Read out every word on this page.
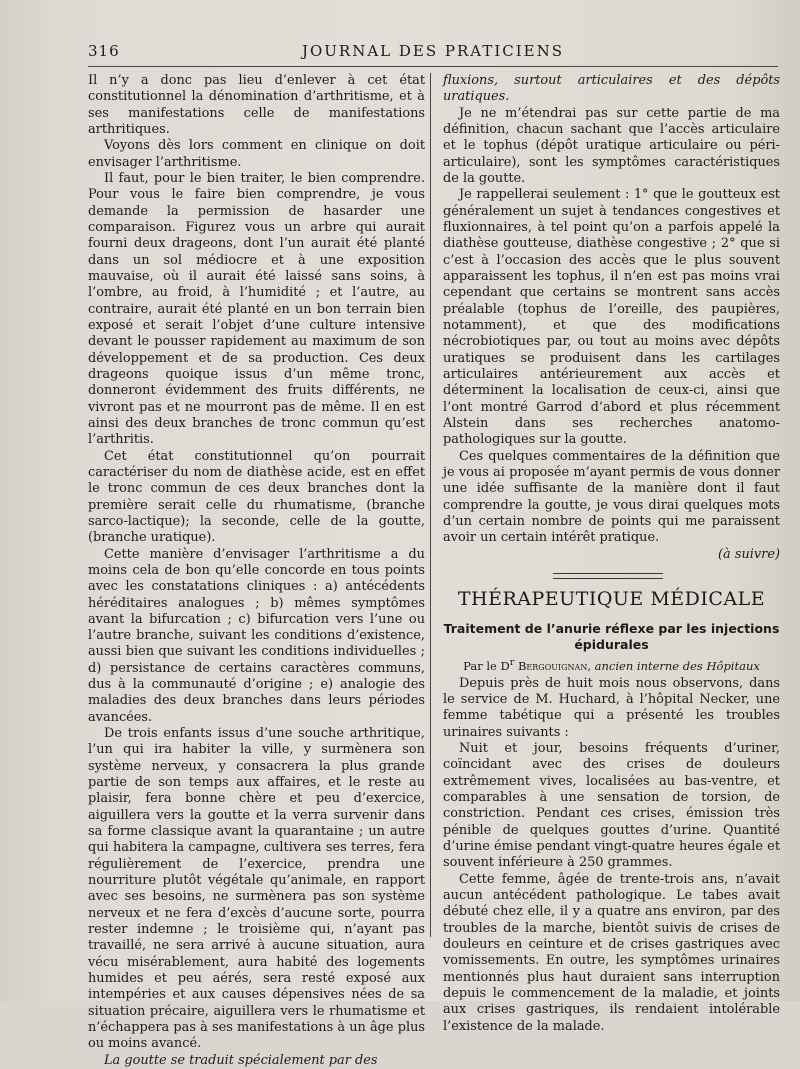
316	JOURNAL DES PRATICIENS

Il n’y a donc pas lieu d’enlever à cet état constitutionnel la dénomination d’arthritisme, et à ses manifestations celle de manifestations arthritiques.

Voyons dès lors comment en clinique on doit envisager l’arthritisme.

Il faut, pour le bien traiter, le bien comprendre. Pour vous le faire bien comprendre, je vous demande la permission de hasarder une comparaison. Figurez vous un arbre qui aurait fourni deux drageons, dont l’un aurait été planté dans un sol médiocre et à une exposition mauvaise, où il aurait été laissé sans soins, à l’ombre, au froid, à l’humidité ; et l’autre, au contraire, aurait été planté en un bon terrain bien exposé et serait l’objet d’une culture intensive devant le pousser rapidement au maximum de son développement et de sa production. Ces deux drageons quoique issus d’un même tronc, donneront évidemment des fruits différents, ne vivront pas et ne mourront pas de même. Il en est ainsi des deux branches de tronc commun qu’est l’arthritis.

Cet état constitutionnel qu’on pourrait caractériser du nom de diathèse acide, est en effet le tronc commun de ces deux branches dont la première serait celle du rhumatisme, (branche sarco-lactique); la seconde, celle de la goutte, (branche uratique).

Cette manière d’envisager l’arthritisme a du moins cela de bon qu’elle concorde en tous points avec les constatations cliniques : a) antécédents héréditaires analogues ; b) mêmes symptômes avant la bifurcation ; c) bifurcation vers l’une ou l’autre branche, suivant les conditions d’existence, aussi bien que suivant les conditions individuelles ; d) persistance de certains caractères communs, dus à la communauté d’origine ; e) analogie des maladies des deux branches dans leurs périodes avancées.

De trois enfants issus d’une souche arthritique, l’un qui ira habiter la ville, y surmènera son système nerveux, y consacrera la plus grande partie de son temps aux affaires, et le reste au plaisir, fera bonne chère et peu d’exercice, aiguillera vers la goutte et la verra survenir dans sa forme classique avant la quarantaine ; un autre qui habitera la campagne, cultivera ses terres, fera régulièrement de l’exercice, prendra une nourriture plutôt végétale qu’animale, en rapport avec ses besoins, ne surmènera pas son système nerveux et ne fera d’excès d’aucune sorte, pourra rester indemne ; le troisième qui, n’ayant pas travaillé, ne sera arrivé à aucune situation, aura vécu misérablement, aura habité des logements humides et peu aérés, sera resté exposé aux intempéries et aux causes dépensives nées de sa situation précaire, aiguillera vers le rhumatisme et n’échappera pas à ses manifestations à un âge plus ou moins avancé.

La goutte se traduit spécialement par des

fluxions, surtout articulaires et des dépôts uratiques.

Je ne m’étendrai pas sur cette partie de ma définition, chacun sachant que l’accès articulaire et le tophus (dépôt uratique articulaire ou péri-articulaire), sont les symptômes caractéristiques de la goutte.

Je rappellerai seulement : 1° que le goutteux est généralement un sujet à tendances congestives et fluxionnaires, à tel point qu’on a parfois appelé la diathèse goutteuse, diathèse congestive ; 2° que si c’est à l’occasion des accès que le plus souvent apparaissent les tophus, il n’en est pas moins vrai cependant que certains se montrent sans accès préalable (tophus de l’oreille, des paupières, notamment), et que des modifications nécrobiotiques par, ou tout au moins avec dépôts uratiques se produisent dans les cartilages articulaires antérieurement aux accès et déterminent la localisation de ceux-ci, ainsi que l’ont montré Garrod d’abord et plus récemment Alstein dans ses recherches anatomo-pathologiques sur la goutte.

Ces quelques commentaires de la définition que je vous ai proposée m’ayant permis de vous donner une idée suffisante de la manière dont il faut comprendre la goutte, je vous dirai quelques mots d’un certain nombre de points qui me paraissent avoir un certain intérêt pratique.

(à suivre)

THÉRAPEUTIQUE MÉDICALE
Traitement de l’anurie réflexe par les injections épidurales
Par le $D^r$ Bergouignan, ancien interne des Hôpitaux

Depuis près de huit mois nous observons, dans le service de M. Huchard, à l’hôpital Necker, une femme tabétique qui a présenté les troubles urinaires suivants :

Nuit et jour, besoins fréquents d’uriner, coïncidant avec des crises de douleurs extrêmement vives, localisées au bas-ventre, et comparables à une sensation de torsion, de constriction. Pendant ces crises, émission très pénible de quelques gouttes d’urine. Quantité d’urine émise pendant vingt-quatre heures égale et souvent inférieure à 250 grammes.

Cette femme, âgée de trente-trois ans, n’avait aucun antécédent pathologique. Le tabes avait débuté chez elle, il y a quatre ans environ, par des troubles de la marche, bientôt suivis de crises de douleurs en ceinture et de crises gastriques avec vomissements. En outre, les symptômes urinaires mentionnés plus haut duraient sans interruption depuis le commencement de la maladie, et joints aux crises gastriques, ils rendaient intolérable l’existence de la malade.
